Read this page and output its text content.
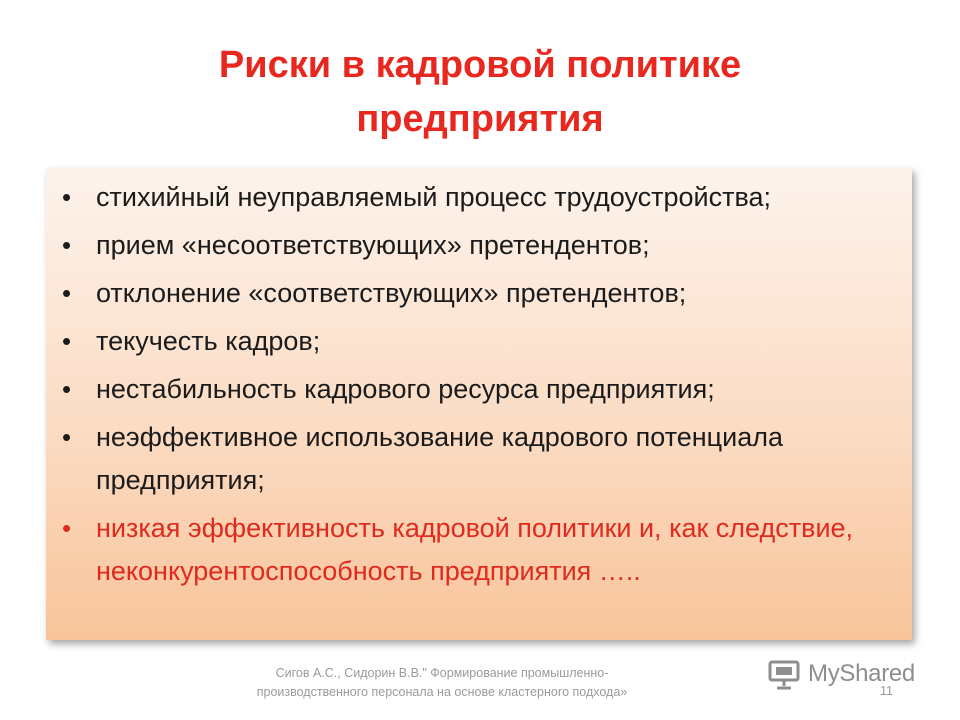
Риски в кадровой политике
предприятия
• стихийный неуправляемый процесс трудоустройства;
• прием «несоответствующих» претендентов;
• отклонение «соответствующих» претендентов;
• текучесть кадров;
• нестабильность кадрового ресурса предприятия;
• неэффективное использование кадрового потенциала предприятия;
• низкая эффективность кадровой политики и, как следствие, неконкурентоспособность предприятия …..

Сигов А.С., Сидорин В.В." Формирование промышленно-
производственного персонала на основе кластерного подхода»

MyShared
11
